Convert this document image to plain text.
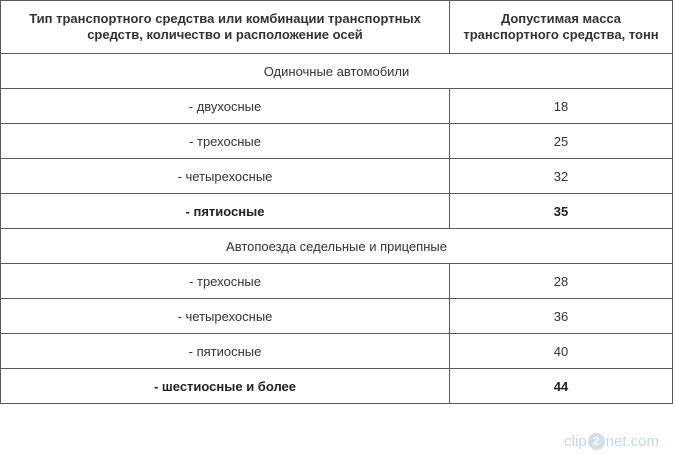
Тип транспортного средства или комбинации транспортных средств, количество и расположение осей	Допустимая масса транспортного средства, тонн
Одиночные автомобили	
- двухосные	18
- трехосные	25
- четырехосные	32
- пятиосные	35
Автопоезда седельные и прицепные	
- трехосные	28
- четырехосные	36
- пятиосные	40
- шестиосные и более	44
clip 2 net.com
